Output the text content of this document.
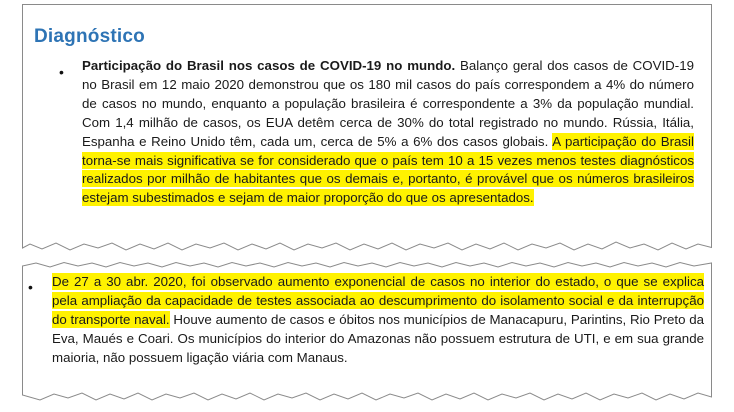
Diagnóstico
• Participação do Brasil nos casos de COVID-19 no mundo. Balanço geral dos casos de COVID-19 no Brasil em 12 maio 2020 demonstrou que os 180 mil casos do país correspondem a 4% do número de casos no mundo, enquanto a população brasileira é correspondente a 3% da população mundial. Com 1,4 milhão de casos, os EUA detêm cerca de 30% do total registrado no mundo. Rússia, Itália, Espanha e Reino Unido têm, cada um, cerca de 5% a 6% dos casos globais. A participação do Brasil torna-se mais significativa se for considerado que o país tem 10 a 15 vezes menos testes diagnósticos realizados por milhão de habitantes que os demais e, portanto, é provável que os números brasileiros estejam subestimados e sejam de maior proporção do que os apresentados.

• De 27 a 30 abr. 2020, foi observado aumento exponencial de casos no interior do estado, o que se explica pela ampliação da capacidade de testes associada ao descumprimento do isolamento social e da interrupção do transporte naval. Houve aumento de casos e óbitos nos municípios de Manacapuru, Parintins, Rio Preto da Eva, Maués e Coari. Os municípios do interior do Amazonas não possuem estrutura de UTI, e em sua grande maioria, não possuem ligação viária com Manaus.
